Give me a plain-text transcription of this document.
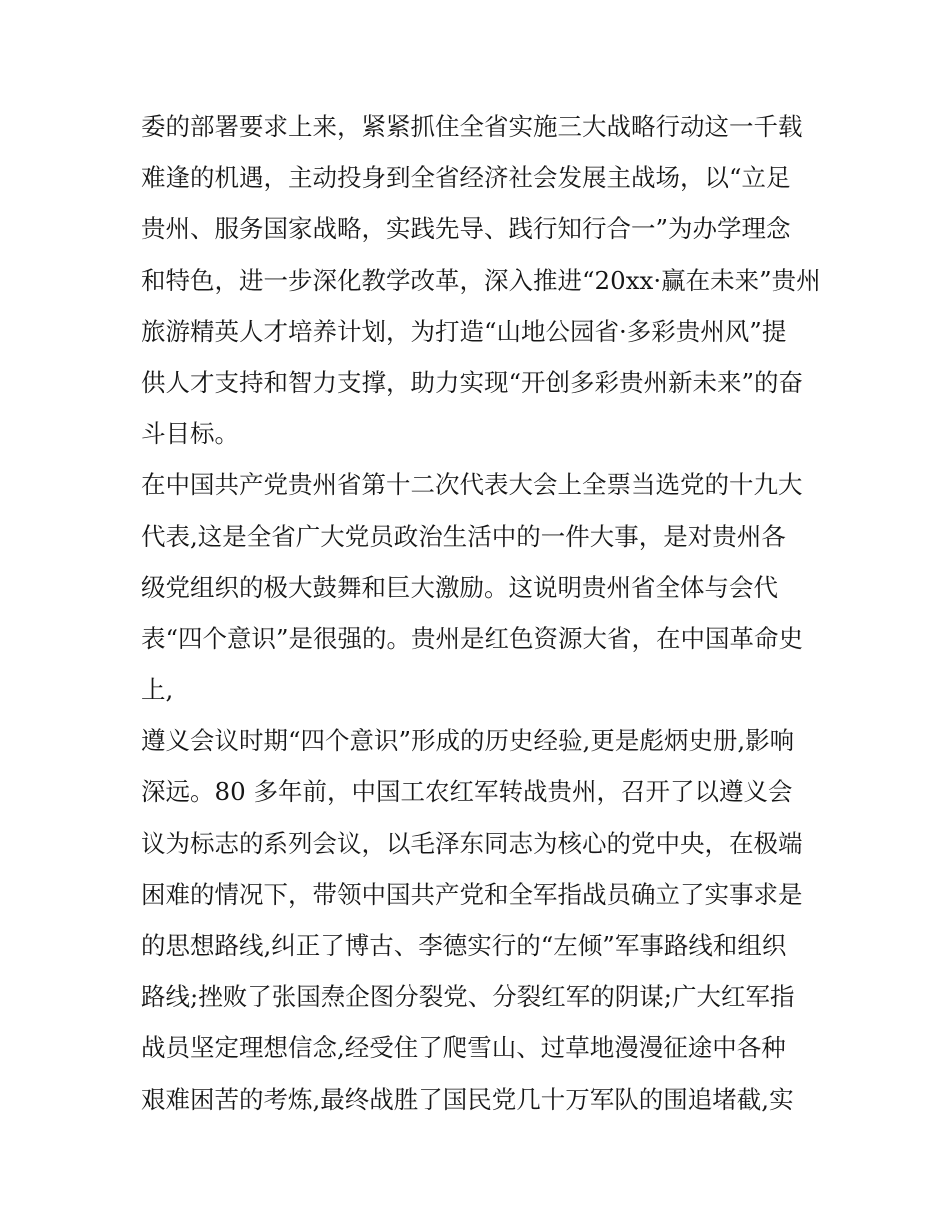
委的部署要求上来，紧紧抓住全省实施三大战略行动这一千载
难逢的机遇，主动投身到全省经济社会发展主战场，以“立足
贵州、服务国家战略，实践先导、践行知行合一”为办学理念
和特色，进一步深化教学改革，深入推进“20xx·赢在未来”贵州
旅游精英人才培养计划，为打造“山地公园省·多彩贵州风”提
供人才支持和智力支撑，助力实现“开创多彩贵州新未来”的奋
斗目标。
在中国共产党贵州省第十二次代表大会上全票当选党的十九大
代表,这是全省广大党员政治生活中的一件大事，是对贵州各
级党组织的极大鼓舞和巨大激励。这说明贵州省全体与会代
表“四个意识”是很强的。贵州是红色资源大省，在中国革命史
上,
遵义会议时期“四个意识”形成的历史经验,更是彪炳史册,影响
深远。80 多年前，中国工农红军转战贵州，召开了以遵义会
议为标志的系列会议，以毛泽东同志为核心的党中央，在极端
困难的情况下，带领中国共产党和全军指战员确立了实事求是
的思想路线,纠正了博古、李德实行的“左倾”军事路线和组织
路线;挫败了张国焘企图分裂党、分裂红军的阴谋;广大红军指
战员坚定理想信念,经受住了爬雪山、过草地漫漫征途中各种
艰难困苦的考炼,最终战胜了国民党几十万军队的围追堵截,实
